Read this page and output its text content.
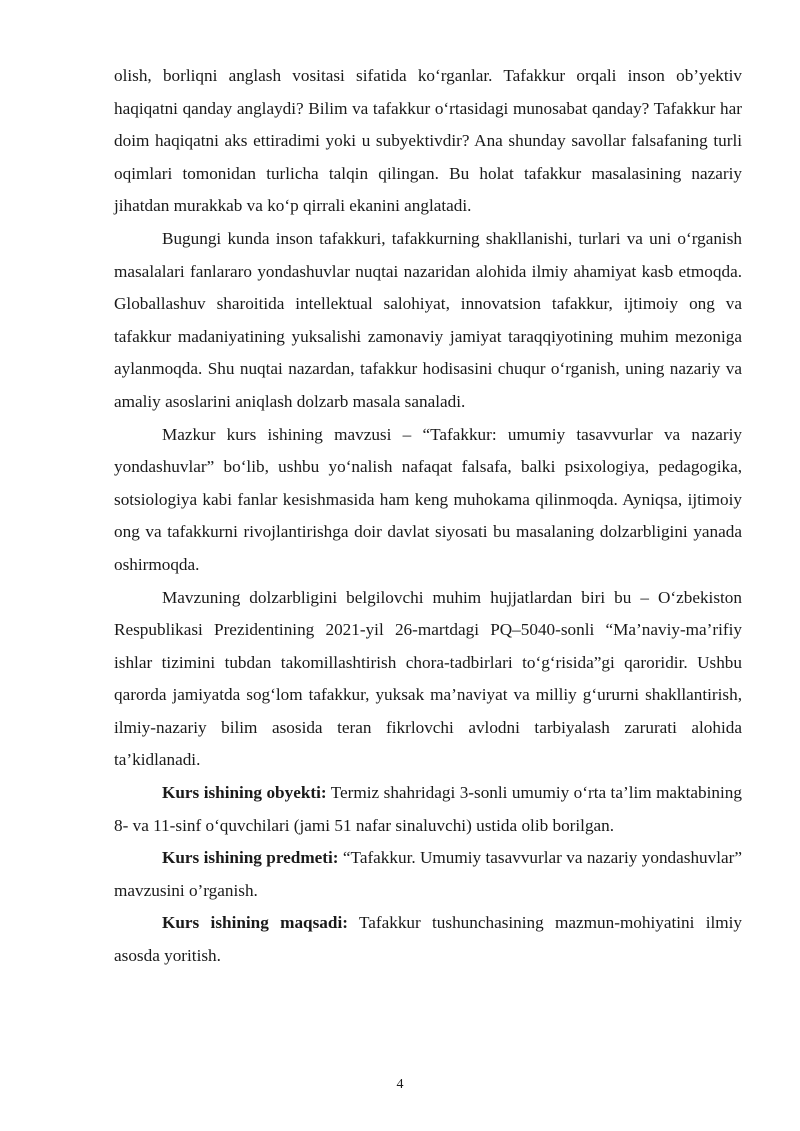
olish, borliqni anglash vositasi sifatida ko‘rganlar. Tafakkur orqali inson ob’yektiv haqiqatni qanday anglaydi? Bilim va tafakkur o‘rtasidagi munosabat qanday? Tafakkur har doim haqiqatni aks ettiradimi yoki u subyektivdir? Ana shunday savollar falsafaning turli oqimlari tomonidan turlicha talqin qilingan. Bu holat tafakkur masalasining nazariy jihatdan murakkab va ko‘p qirrali ekanini anglatadi.

Bugungi kunda inson tafakkuri, tafakkurning shakllanishi, turlari va uni o‘rganish masalalari fanlararo yondashuvlar nuqtai nazaridan alohida ilmiy ahamiyat kasb etmoqda. Globallashuv sharoitida intellektual salohiyat, innovatsion tafakkur, ijtimoiy ong va tafakkur madaniyatining yuksalishi zamonaviy jamiyat taraqqiyotining muhim mezoniga aylanmoqda. Shu nuqtai nazardan, tafakkur hodisasini chuqur o‘rganish, uning nazariy va amaliy asoslarini aniqlash dolzarb masala sanaladi.

Mazkur kurs ishining mavzusi – “Tafakkur: umumiy tasavvurlar va nazariy yondashuvlar” bo‘lib, ushbu yo‘nalish nafaqat falsafa, balki psixologiya, pedagogika, sotsiologiya kabi fanlar kesishmasida ham keng muhokama qilinmoqda. Ayniqsa, ijtimoiy ong va tafakkurni rivojlantirishga doir davlat siyosati bu masalaning dolzarbligini yanada oshirmoqda.

Mavzuning dolzarbligini belgilovchi muhim hujjatlardan biri bu – O‘zbekiston Respublikasi Prezidentining 2021-yil 26-martdagi PQ–5040-sonli “Ma’naviy-ma’rifiy ishlar tizimini tubdan takomillashtirish chora-tadbirlari to‘g‘risida”gi qaroridir. Ushbu qarorda jamiyatda sog‘lom tafakkur, yuksak ma’naviyat va milliy g‘ururni shakllantirish, ilmiy-nazariy bilim asosida teran fikrlovchi avlodni tarbiyalash zarurati alohida ta’kidlanadi.

Kurs ishining obyekti: Termiz shahridagi 3-sonli umumiy o‘rta ta’lim maktabining 8- va 11-sinf o‘quvchilari (jami 51 nafar sinaluvchi) ustida olib borilgan.

Kurs ishining predmeti: “Tafakkur. Umumiy tasavvurlar va nazariy yondashuvlar” mavzusini o’rganish.

Kurs ishining maqsadi: Tafakkur tushunchasining mazmun-mohiyatini ilmiy asosda yoritish.

4
